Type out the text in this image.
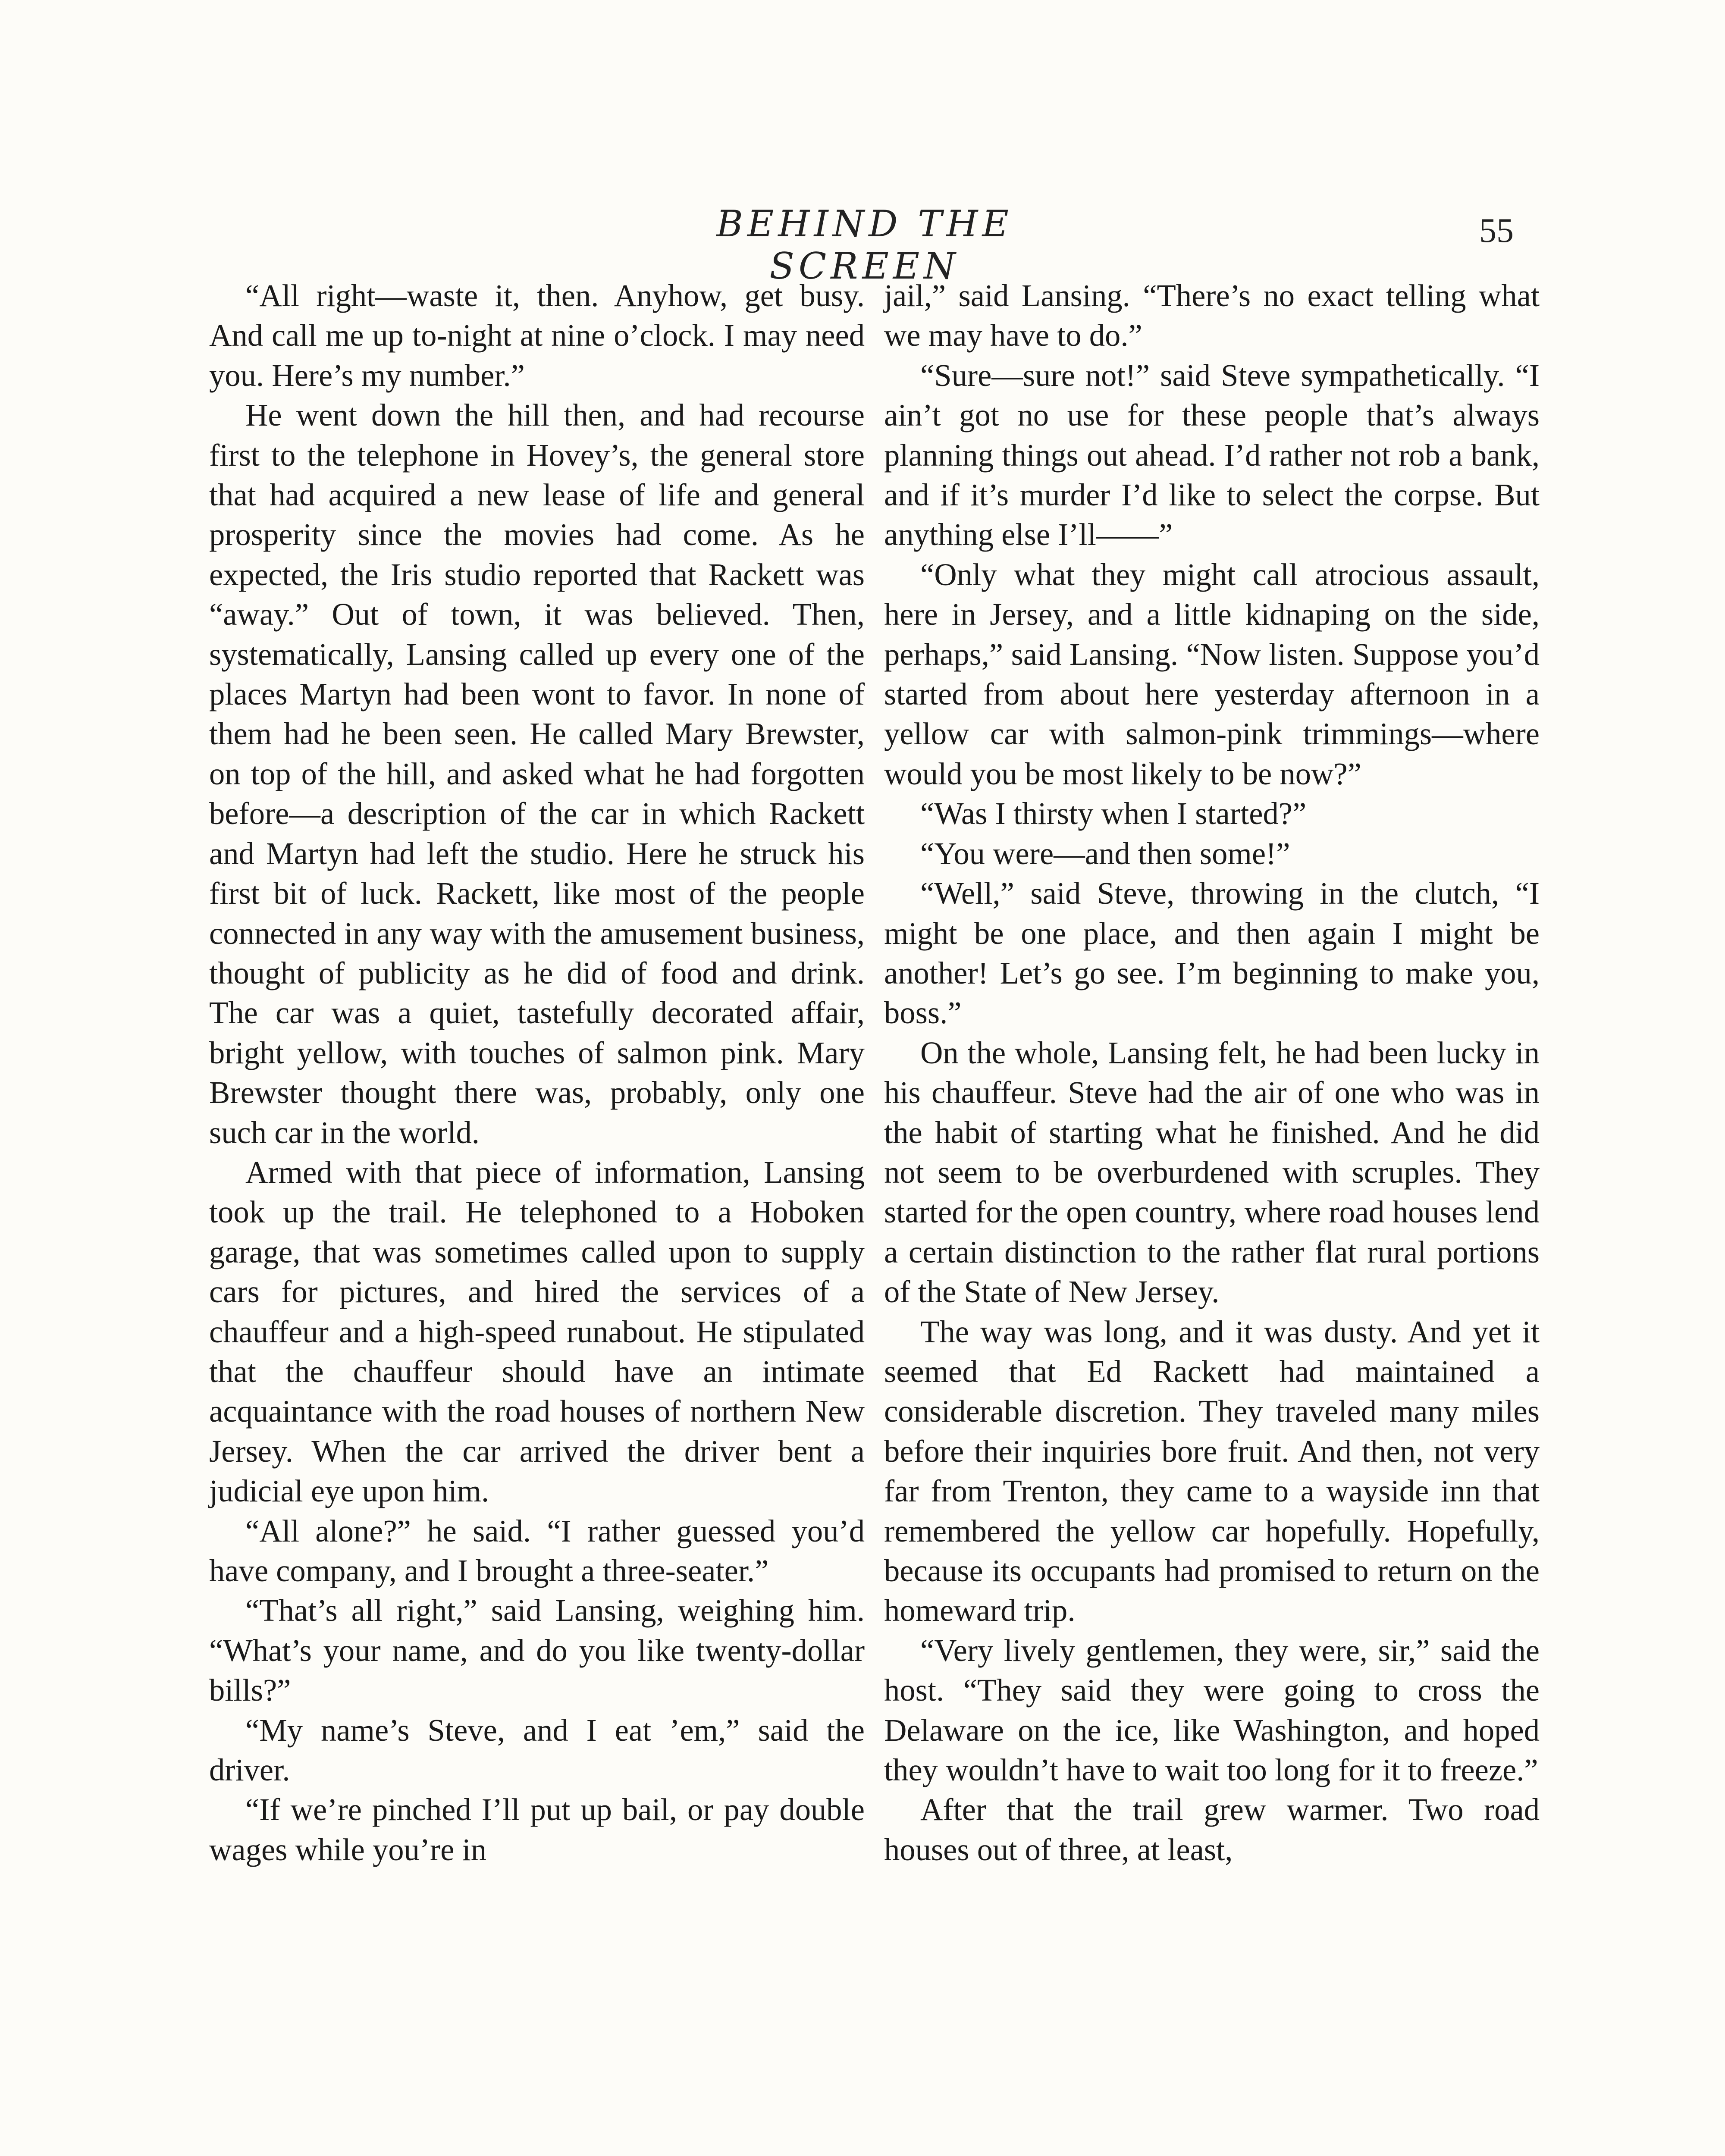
BEHIND THE SCREEN
55

“All right—waste it, then. Anyhow, get busy. And call me up to-night at nine o’clock. I may need you. Here’s my number.”

He went down the hill then, and had recourse first to the telephone in Hovey’s, the general store that had acquired a new lease of life and general prosperity since the movies had come. As he expected, the Iris studio reported that Rackett was “away.” Out of town, it was believed. Then, systematically, Lansing called up every one of the places Martyn had been wont to favor. In none of them had he been seen. He called Mary Brewster, on top of the hill, and asked what he had forgotten before—a description of the car in which Rackett and Martyn had left the studio. Here he struck his first bit of luck. Rackett, like most of the people connected in any way with the amusement business, thought of publicity as he did of food and drink. The car was a quiet, tastefully decorated affair, bright yellow, with touches of salmon pink. Mary Brewster thought there was, probably, only one such car in the world.

Armed with that piece of information, Lansing took up the trail. He telephoned to a Hoboken garage, that was sometimes called upon to supply cars for pictures, and hired the services of a chauffeur and a high-speed runabout. He stipulated that the chauffeur should have an intimate acquaintance with the road houses of northern New Jersey. When the car arrived the driver bent a judicial eye upon him.

“All alone?” he said. “I rather guessed you’d have company, and I brought a three-seater.”

“That’s all right,” said Lansing, weighing him. “What’s your name, and do you like twenty-dollar bills?”

“My name’s Steve, and I eat ’em,” said the driver.

“If we’re pinched I’ll put up bail, or pay double wages while you’re in

jail,” said Lansing. “There’s no exact telling what we may have to do.”

“Sure—sure not!” said Steve sympathetically. “I ain’t got no use for these people that’s always planning things out ahead. I’d rather not rob a bank, and if it’s murder I’d like to select the corpse. But anything else I’ll——”

“Only what they might call atrocious assault, here in Jersey, and a little kidnaping on the side, perhaps,” said Lansing. “Now listen. Suppose you’d started from about here yesterday afternoon in a yellow car with salmon-pink trimmings—where would you be most likely to be now?”

“Was I thirsty when I started?”

“You were—and then some!”

“Well,” said Steve, throwing in the clutch, “I might be one place, and then again I might be another! Let’s go see. I’m beginning to make you, boss.”

On the whole, Lansing felt, he had been lucky in his chauffeur. Steve had the air of one who was in the habit of starting what he finished. And he did not seem to be overburdened with scruples. They started for the open country, where road houses lend a certain distinction to the rather flat rural portions of the State of New Jersey.

The way was long, and it was dusty. And yet it seemed that Ed Rackett had maintained a considerable discretion. They traveled many miles before their inquiries bore fruit. And then, not very far from Trenton, they came to a wayside inn that remembered the yellow car hopefully. Hopefully, because its occupants had promised to return on the homeward trip.

“Very lively gentlemen, they were, sir,” said the host. “They said they were going to cross the Delaware on the ice, like Washington, and hoped they wouldn’t have to wait too long for it to freeze.”

After that the trail grew warmer. Two road houses out of three, at least,
